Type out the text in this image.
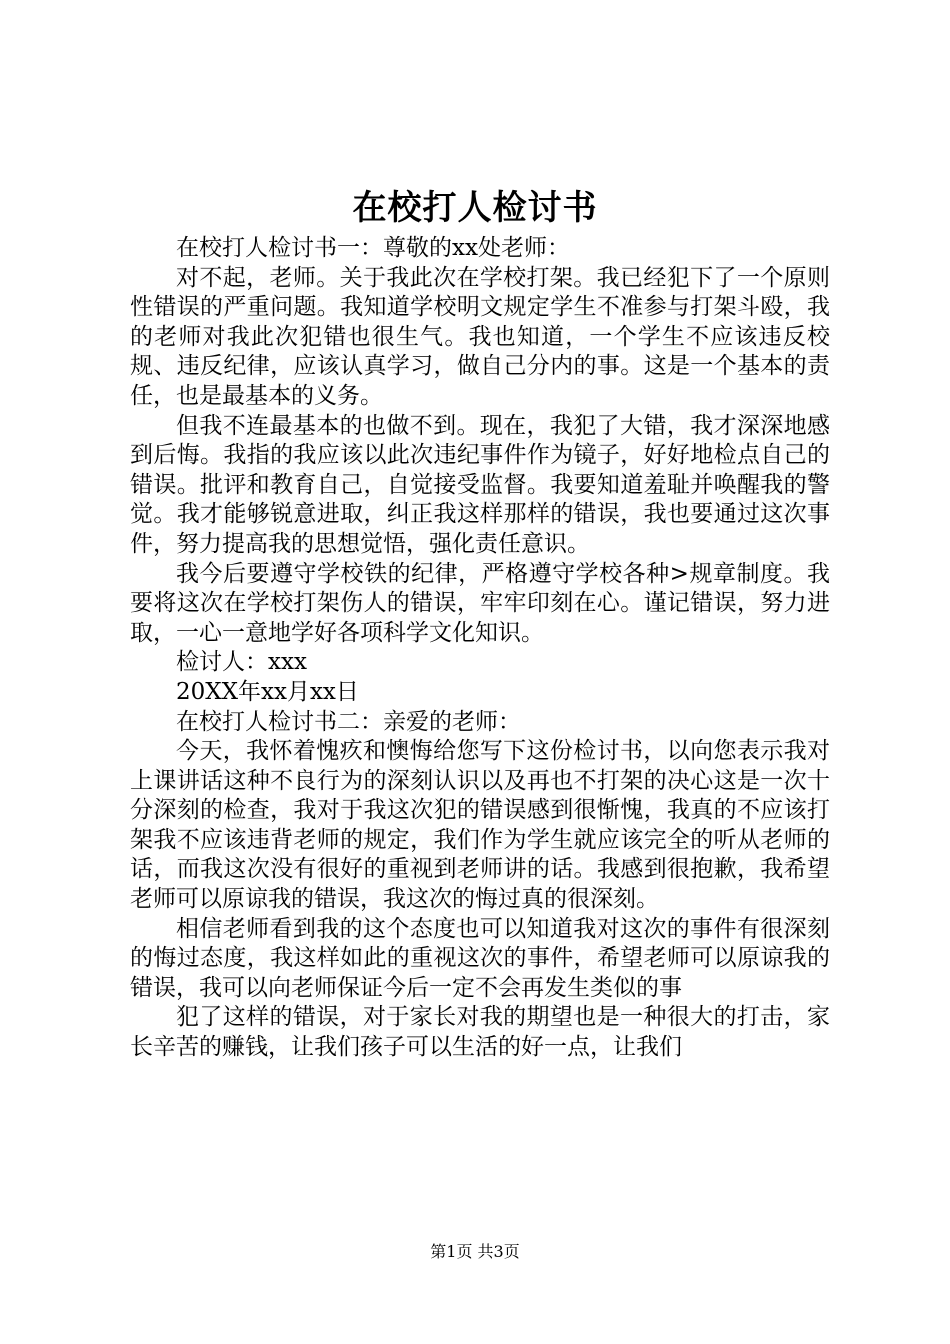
在校打人检讨书

在校打人检讨书一：尊敬的xx处老师：

对不起，老师。关于我此次在学校打架。我已经犯下了一个原则性错误的严重问题。我知道学校明文规定学生不准参与打架斗殴，我的老师对我此次犯错也很生气。我也知道，一个学生不应该违反校规、违反纪律，应该认真学习，做自己分内的事。这是一个基本的责任，也是最基本的义务。

但我不连最基本的也做不到。现在，我犯了大错，我才深深地感到后悔。我指的我应该以此次违纪事件作为镜子，好好地检点自己的错误。批评和教育自己，自觉接受监督。我要知道羞耻并唤醒我的警觉。我才能够锐意进取，纠正我这样那样的错误，我也要通过这次事件，努力提高我的思想觉悟，强化责任意识。

我今后要遵守学校铁的纪律，严格遵守学校各种>规章制度。我要将这次在学校打架伤人的错误，牢牢印刻在心。谨记错误，努力进取，一心一意地学好各项科学文化知识。

检讨人：xxx

20XX年xx月xx日

在校打人检讨书二：亲爱的老师：

今天，我怀着愧疚和懊悔给您写下这份检讨书，以向您表示我对上课讲话这种不良行为的深刻认识以及再也不打架的决心这是一次十分深刻的检查，我对于我这次犯的错误感到很惭愧，我真的不应该打架我不应该违背老师的规定，我们作为学生就应该完全的听从老师的话，而我这次没有很好的重视到老师讲的话。我感到很抱歉，我希望老师可以原谅我的错误，我这次的悔过真的很深刻。

相信老师看到我的这个态度也可以知道我对这次的事件有很深刻的悔过态度，我这样如此的重视这次的事件，希望老师可以原谅我的错误，我可以向老师保证今后一定不会再发生类似的事

犯了这样的错误，对于家长对我的期望也是一种很大的打击，家长辛苦的赚钱，让我们孩子可以生活的好一点，让我们

第1页 共3页
